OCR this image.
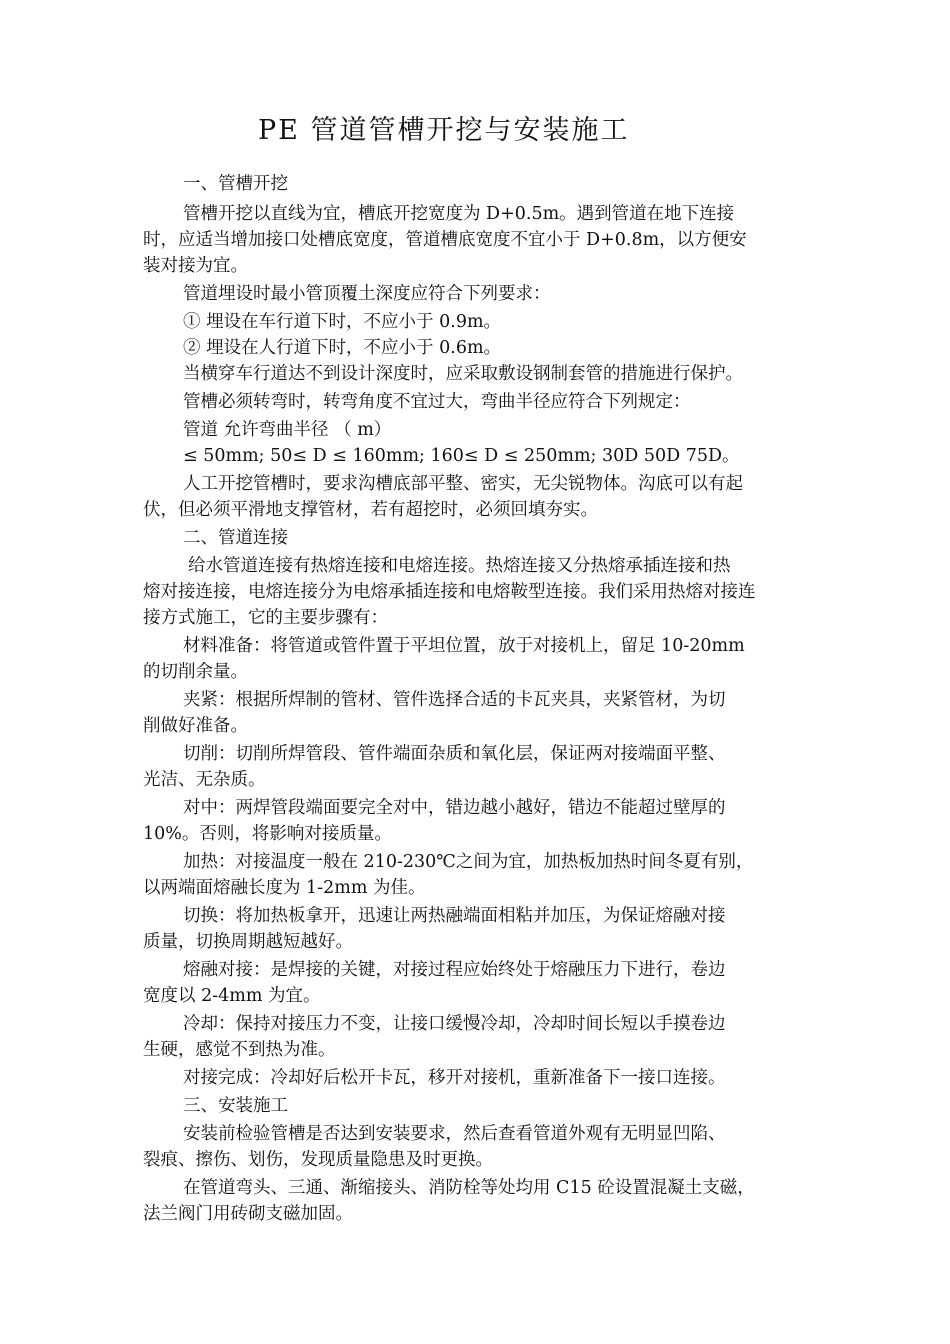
PE 管道管槽开挖与安装施工
一、管槽开挖
管槽开挖以直线为宜，槽底开挖宽度为 D+0.5m。遇到管道在地下连接
时，应适当增加接口处槽底宽度，管道槽底宽度不宜小于 D+0.8m，以方便安
装对接为宜。
管道埋设时最小管顶覆土深度应符合下列要求：
① 埋设在车行道下时，不应小于 0.9m。
② 埋设在人行道下时，不应小于 0.6m。
当横穿车行道达不到设计深度时，应采取敷设钢制套管的措施进行保护。
管槽必须转弯时，转弯角度不宜过大，弯曲半径应符合下列规定：
管道 允许弯曲半径 （ m）
≤ 50mm; 50≤ D ≤ 160mm; 160≤ D ≤ 250mm; 30D 50D 75D。
人工开挖管槽时，要求沟槽底部平整、密实，无尖锐物体。沟底可以有起
伏，但必须平滑地支撑管材，若有超挖时，必须回填夯实。
二、管道连接
给水管道连接有热熔连接和电熔连接。热熔连接又分热熔承插连接和热
熔对接连接，电熔连接分为电熔承插连接和电熔鞍型连接。我们采用热熔对接连
接方式施工，它的主要步骤有：
材料准备：将管道或管件置于平坦位置，放于对接机上，留足 10-20mm
的切削余量。
夹紧：根据所焊制的管材、管件选择合适的卡瓦夹具，夹紧管材，为切
削做好准备。
切削：切削所焊管段、管件端面杂质和氧化层，保证两对接端面平整、
光洁、无杂质。
对中：两焊管段端面要完全对中，错边越小越好，错边不能超过壁厚的
10%。否则，将影响对接质量。
加热：对接温度一般在 210-230℃之间为宜，加热板加热时间冬夏有别，
以两端面熔融长度为 1-2mm 为佳。
切换：将加热板拿开，迅速让两热融端面相粘并加压，为保证熔融对接
质量，切换周期越短越好。
熔融对接：是焊接的关键，对接过程应始终处于熔融压力下进行，卷边
宽度以 2-4mm 为宜。
冷却：保持对接压力不变，让接口缓慢冷却，冷却时间长短以手摸卷边
生硬，感觉不到热为准。
对接完成：冷却好后松开卡瓦，移开对接机，重新准备下一接口连接。
三、安装施工
安装前检验管槽是否达到安装要求，然后查看管道外观有无明显凹陷、
裂痕、擦伤、划伤，发现质量隐患及时更换。
在管道弯头、三通、渐缩接头、消防栓等处均用 C15 砼设置混凝土支磁，
法兰阀门用砖砌支磁加固。
